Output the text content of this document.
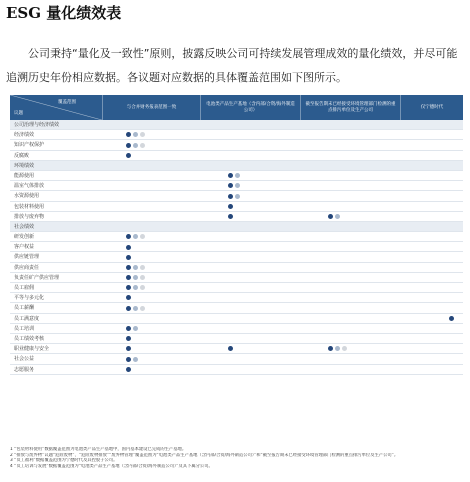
ESG 量化绩效表
公司秉持“量化及一致性”原则，披露反映公司可持续发展管理成效的量化绩效，并尽可能追溯历史年份相应数据。各议题对应数据的具体覆盖范围如下图所示。
覆盖范围
议题
与合并财务报表范围一致
电池类产品生产基地（含内部/合资/海外制造公司）
截至报告期末已经接受环境管理部门检测的重点排污单位及生产公司
仅宁德时代
公司治理与经济绩效
经济绩效
知识产权保护
反腐败
环境绩效
能源使用
温室气体排放
水资源使用
包装材料使用
排放与废弃物
社会绩效
研发创新
客户权益
供应链管理
供应商责任
负责任矿产供应管理
员工雇佣
平等与多元化
员工薪酬
员工满意度
员工培训
员工绩效考核
职业健康与安全
社会公益
志愿服务
1 “包装材料使用”数据覆盖范围为电池类产品生产基地中，国内基本建设已完成的生产基地。
2 “排放与废弃物”议题“危险废物”、“危险废物排放”“废弃物管理”覆盖范围为“电池类产品生产基地（含内部/合资/海外制造公司）”和“截至报告期末已经接受环境管理部门检测的重点排污单位及生产公司”。
3 “员工福利”数据覆盖范围为宁德时代及其控股子公司。
4 “员工培训与发展”数据覆盖范围为“电池类产品生产基地（含内部/合资/海外制造公司）”及其下属分公司。
